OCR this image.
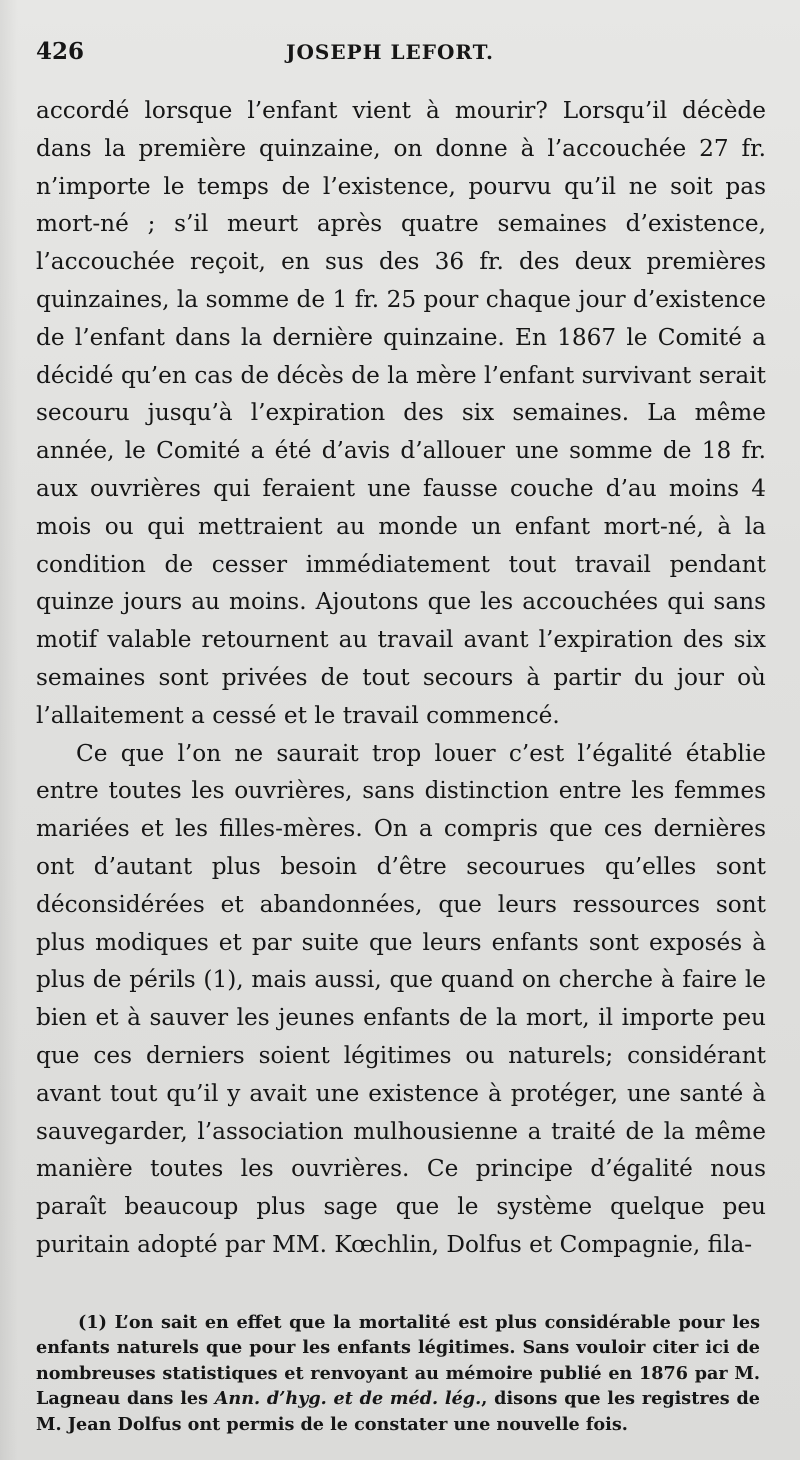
426	JOSEPH LEFORT.

accordé lorsque l’enfant vient à mourir? Lorsqu’il décède dans la première quinzaine, on donne à l’accouchée 27 fr. n’importe le temps de l’existence, pourvu qu’il ne soit pas mort-né ; s’il meurt après quatre semaines d’existence, l’accouchée reçoit, en sus des 36 fr. des deux premières quinzaines, la somme de 1 fr. 25 pour chaque jour d’existence de l’enfant dans la dernière quinzaine. En 1867 le Comité a décidé qu’en cas de décès de la mère l’enfant survivant serait secouru jusqu’à l’expiration des six semaines. La même année, le Comité a été d’avis d’allouer une somme de 18 fr. aux ouvrières qui feraient une fausse couche d’au moins 4 mois ou qui mettraient au monde un enfant mort-né, à la condition de cesser immédiatement tout travail pendant quinze jours au moins. Ajoutons que les accouchées qui sans motif valable retournent au travail avant l’expiration des six semaines sont privées de tout secours à partir du jour où l’allaitement a cessé et le travail commencé.

Ce que l’on ne saurait trop louer c’est l’égalité établie entre toutes les ouvrières, sans distinction entre les femmes mariées et les filles-mères. On a compris que ces dernières ont d’autant plus besoin d’être secourues qu’elles sont déconsidérées et abandonnées, que leurs ressources sont plus modiques et par suite que leurs enfants sont exposés à plus de périls (1), mais aussi, que quand on cherche à faire le bien et à sauver les jeunes enfants de la mort, il importe peu que ces derniers soient légitimes ou naturels; considérant avant tout qu’il y avait une existence à protéger, une santé à sauvegarder, l’association mulhousienne a traité de la même manière toutes les ouvrières. Ce principe d’égalité nous paraît beaucoup plus sage que le système quelque peu puritain adopté par MM. Kœchlin, Dolfus et Compagnie, fila-

(1) L’on sait en effet que la mortalité est plus considérable pour les enfants naturels que pour les enfants légitimes. Sans vouloir citer ici de nombreuses statistiques et renvoyant au mémoire publié en 1876 par M. Lagneau dans les Ann. d’hyg. et de méd. lég., disons que les registres de M. Jean Dolfus ont permis de le constater une nouvelle fois.
